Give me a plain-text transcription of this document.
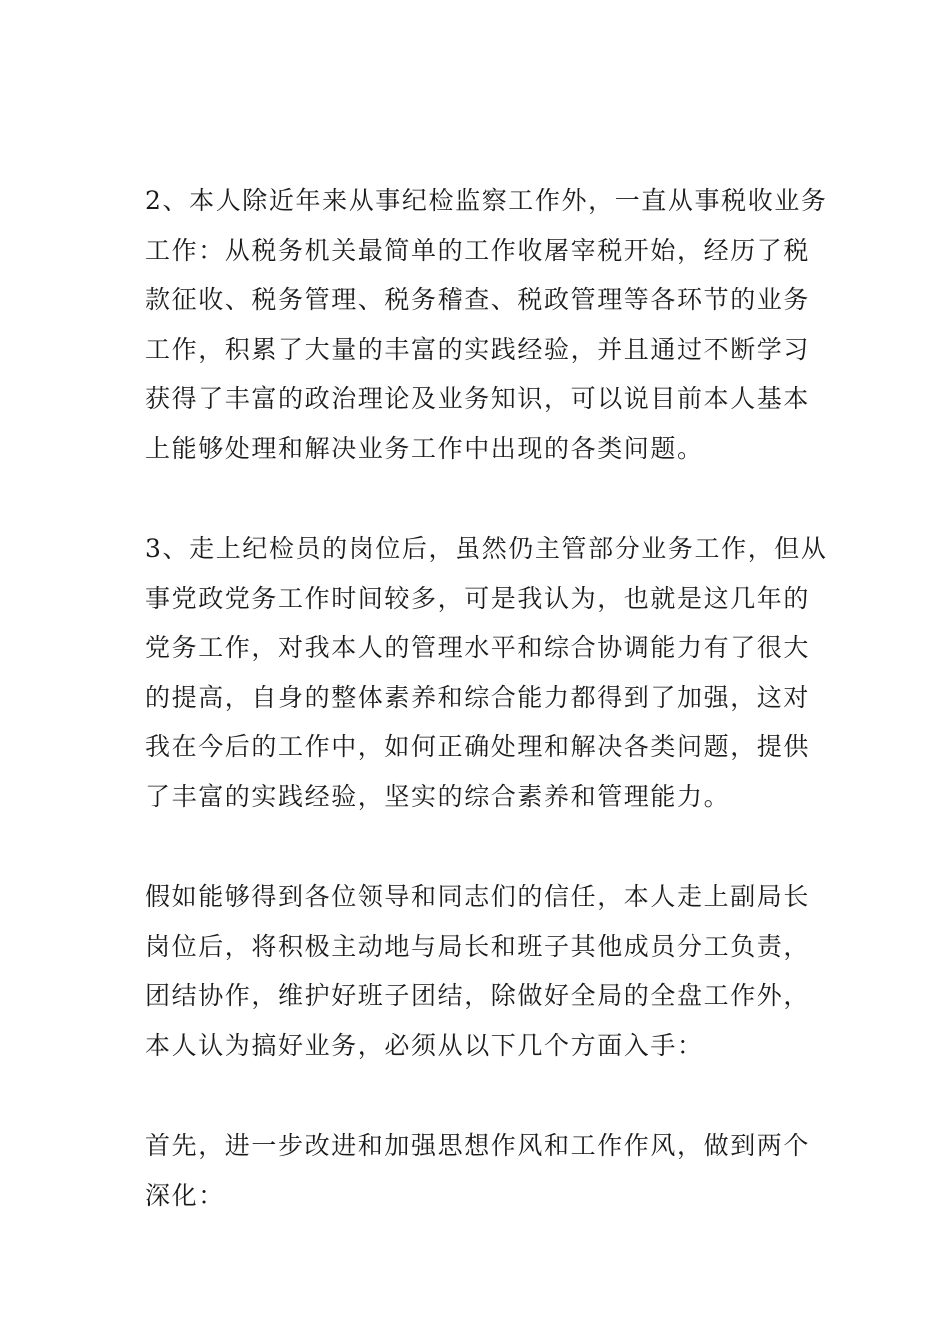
2、本人除近年来从事纪检监察工作外，一直从事税收业务
工作：从税务机关最简单的工作收屠宰税开始，经历了税
款征收、税务管理、税务稽查、税政管理等各环节的业务
工作，积累了大量的丰富的实践经验，并且通过不断学习
获得了丰富的政治理论及业务知识，可以说目前本人基本
上能够处理和解决业务工作中出现的各类问题。

3、走上纪检员的岗位后，虽然仍主管部分业务工作，但从
事党政党务工作时间较多，可是我认为，也就是这几年的
党务工作，对我本人的管理水平和综合协调能力有了很大
的提高，自身的整体素养和综合能力都得到了加强，这对
我在今后的工作中，如何正确处理和解决各类问题，提供
了丰富的实践经验，坚实的综合素养和管理能力。

假如能够得到各位领导和同志们的信任，本人走上副局长
岗位后，将积极主动地与局长和班子其他成员分工负责，
团结协作，维护好班子团结，除做好全局的全盘工作外，
本人认为搞好业务，必须从以下几个方面入手：

首先，进一步改进和加强思想作风和工作作风，做到两个
深化：
